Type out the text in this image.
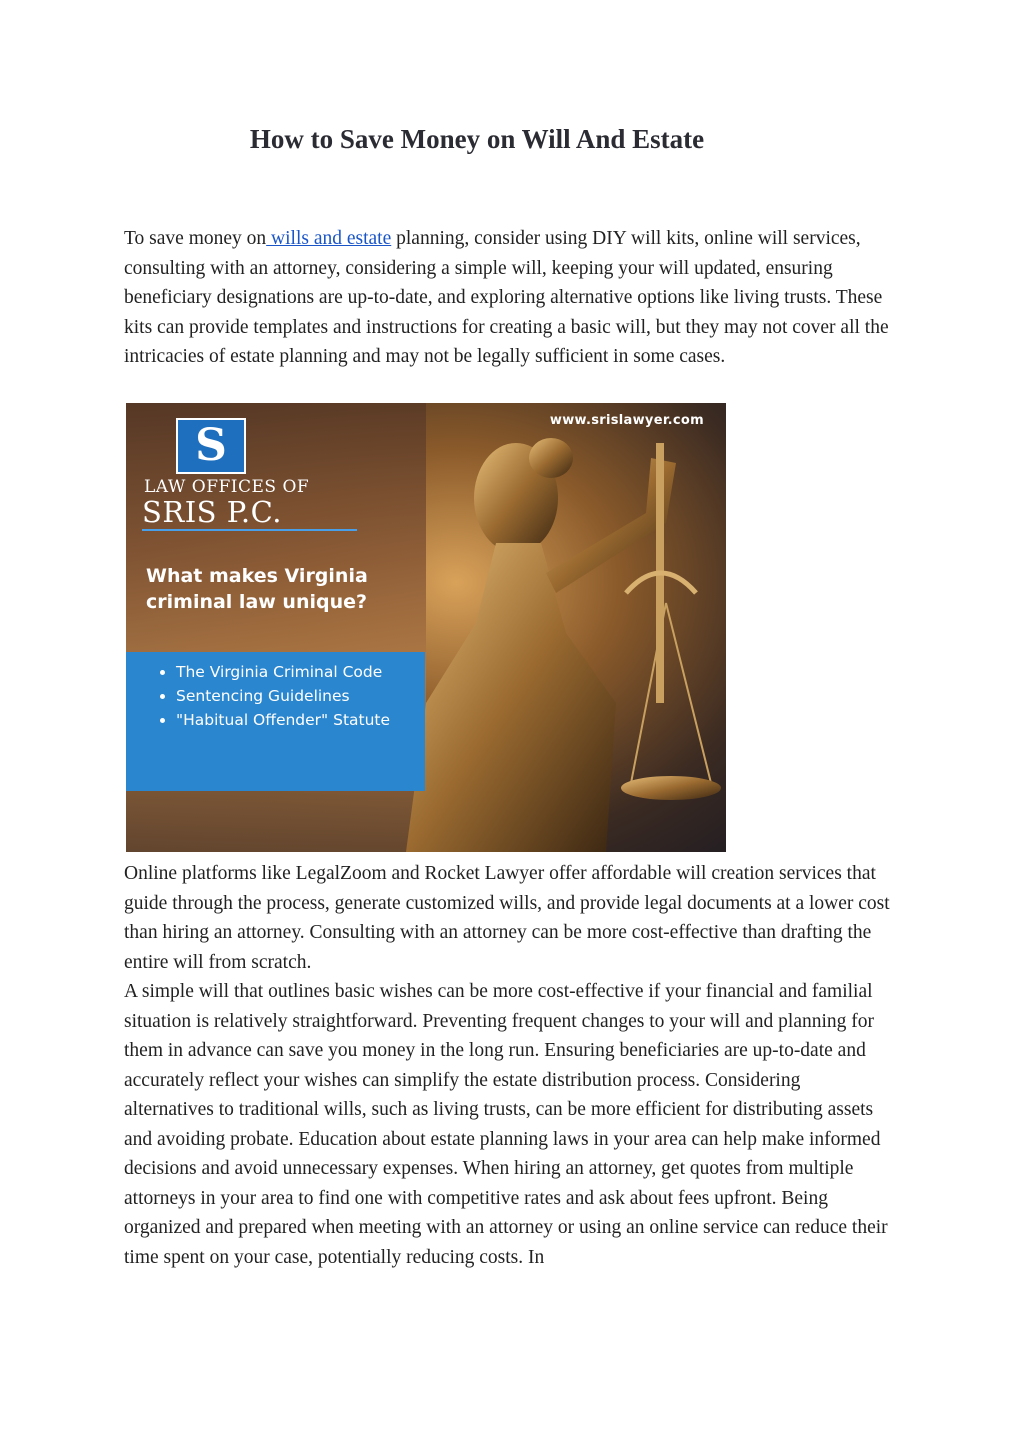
How to Save Money on Will And Estate

To save money on wills and estate planning, consider using DIY will kits, online will services, consulting with an attorney, considering a simple will, keeping your will updated, ensuring beneficiary designations are up-to-date, and exploring alternative options like living trusts. These kits can provide templates and instructions for creating a basic will, but they may not cover all the intricacies of estate planning and may not be legally sufficient in some cases.

www.srislawyer.com
S
LAW OFFICES OF
SRIS P.C.
What makes Virginia criminal law unique?
• The Virginia Criminal Code
• Sentencing Guidelines
• "Habitual Offender" Statute

Online platforms like LegalZoom and Rocket Lawyer offer affordable will creation services that guide through the process, generate customized wills, and provide legal documents at a lower cost than hiring an attorney. Consulting with an attorney can be more cost-effective than drafting the entire will from scratch.

A simple will that outlines basic wishes can be more cost-effective if your financial and familial situation is relatively straightforward. Preventing frequent changes to your will and planning for them in advance can save you money in the long run. Ensuring beneficiaries are up-to-date and accurately reflect your wishes can simplify the estate distribution process. Considering alternatives to traditional wills, such as living trusts, can be more efficient for distributing assets and avoiding probate. Education about estate planning laws in your area can help make informed decisions and avoid unnecessary expenses. When hiring an attorney, get quotes from multiple attorneys in your area to find one with competitive rates and ask about fees upfront. Being organized and prepared when meeting with an attorney or using an online service can reduce their time spent on your case, potentially reducing costs. In
